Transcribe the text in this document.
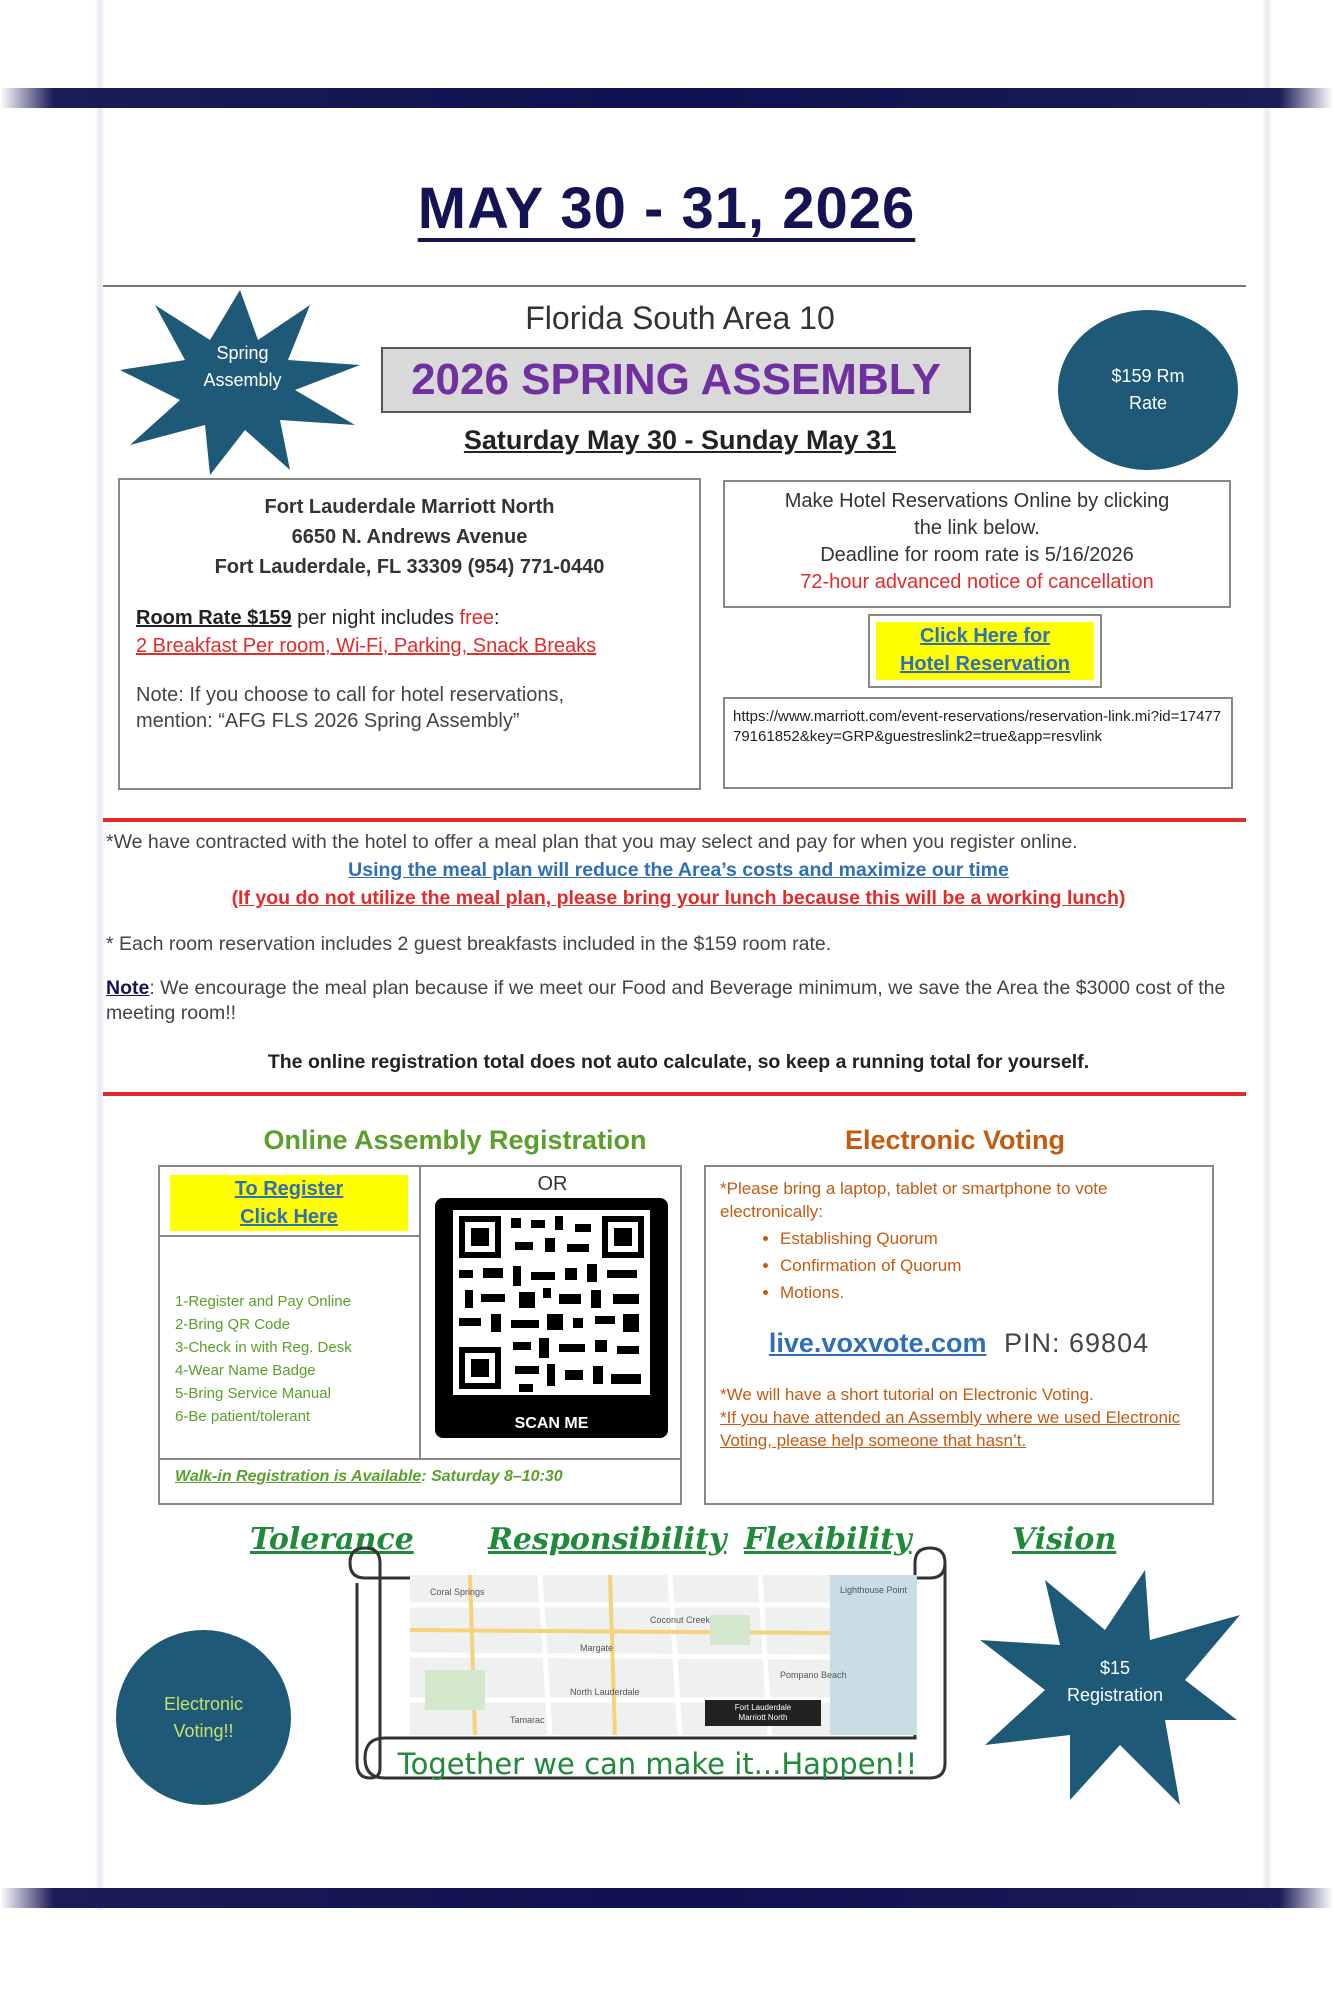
MAY 30 - 31, 2026
Spring
Assembly	$159 Rm
Rate
Florida South Area 10
2026 SPRING ASSEMBLY
Saturday May 30 - Sunday May 31
Fort Lauderdale Marriott North
6650 N. Andrews Avenue
Fort Lauderdale, FL 33309 (954) 771-0440
Room Rate $159 per night includes free:
2 Breakfast Per room, Wi-Fi, Parking, Snack Breaks
Note: If you choose to call for hotel reservations,
mention: “AFG FLS 2026 Spring Assembly”
Make Hotel Reservations Online by clicking
the link below.
Deadline for room rate is 5/16/2026
72-hour advanced notice of cancellation
Click Here for
Hotel Reservation
https://www.marriott.com/event-reservations/reservation-link.mi?id=1747779161852&key=GRP&guestreslink2=true&app=resvlink
*We have contracted with the hotel to offer a meal plan that you may select and pay for when you register online.
Using the meal plan will reduce the Area’s costs and maximize our time
(If you do not utilize the meal plan, please bring your lunch because this will be a working lunch)
* Each room reservation includes 2 guest breakfasts included in the $159 room rate.
Note: We encourage the meal plan because if we meet our Food and Beverage minimum, we save the Area the $3000 cost of the meeting room!!
The online registration total does not auto calculate, so keep a running total for yourself.
Online Assembly Registration
To Register
Click Here
1-Register and Pay Online
2-Bring QR Code
3-Check in with Reg. Desk
4-Wear Name Badge
5-Bring Service Manual
6-Be patient/tolerant
OR
SCAN ME
Walk-in Registration is Available: Saturday 8–10:30
Electronic Voting
*Please bring a laptop, tablet or smartphone to vote electronically:
• Establishing Quorum
• Confirmation of Quorum
• Motions.
live.voxvote.com PIN: 69804
*We will have a short tutorial on Electronic Voting.
*If you have attended an Assembly where we used Electronic Voting, please help someone that hasn’t.
Tolerance Responsibility Flexibility	Vision
Coral Springs
Margate
Coconut Creek
Pompano Beach
North Lauderdale
Tamarac
Lighthouse Point
Fort Lauderdale
Marriott North
Together we can make it...Happen!!
Electronic
Voting!!
$15
Registration
